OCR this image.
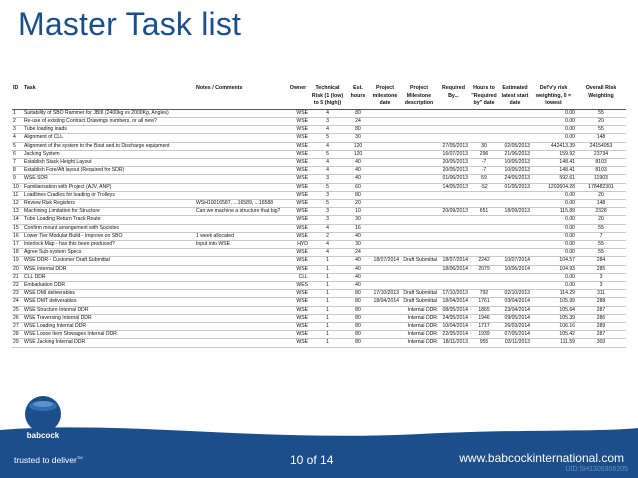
Master Task list
ID	Task	Notes / Comments	Owner	Technical Risk (1 (low) to 5 (high))	Est. hours	Project milestone date	Project Milestone description	Required By...	Hours to "Required by" date	Estimated latest start date	Del'v'y risk weighting, 0 = lowest	Overall Risk Weighting
1	Suitability of SBO Rammer for JBIII (2400kg vs 2000Kg, Angles)		WSE	4	80						0.00	55
2	Re-use of existing Contract Drawings numbers, or all new?		WSE	3	24						0.00	20
3	Tube loading loads		WSE	4	80						0.00	55
4	Alignment of CLL		WSE	5	30						0.00	148
5	Alignment of the system to the Boat and to Discharge equipment		WSE	4	120			27/05/2013	30	02/05/2013	442413.39	24154953
6	Jacking System		WSE	5	120			16/07/2013	296	21/06/2013	159.92	23734
7	Establish Stack Height Layout		WSE	4	40			20/05/2013	-7	10/05/2013	148.41	8103
8	Establish Fore/Aft layout (Required for SDR)		WSE	4	40			20/05/2013	-7	10/05/2013	148.41	8103
9	WSE SDR		WSE	3	40			01/06/2013	59	24/05/2013	592.61	11903
10	Familiarisation with Project (AJV, ANP)		WSE	5	60			14/05/2013	-52	01/05/2013	1202604.28	178482301
11	Loadlines Cradles for loading or Trolleys		WSE	3	80						0.00	20
12	Review Risk Registers	WSH10016587, ...16589, ...16588	WSE	5	20						0.00	148
13	Machining Limitation for Structure	Can we machine a structure that big?	WSE	3	10			20/09/2013	651	18/09/2013	115.89	2328
14	Tube Loading Return Track Route		WSE	3	30						0.00	20
15	Confirm mount arrangement with Sociotec		WSE	4	16						0.00	55
16	Lower Tier Modular Build - Improve on SBO	1 week allocated	WSE	2	40						0.00	7
17	Interlock Map - has this been produced?	Input into WSE	HYD	4	30						0.00	55
18	Agree Sub-system Specs		WSE	4	24						0.00	55
19	WSE DDR - Customer Draft Submittal		WSE	1	40	18/07/2014	Draft Submittal	18/07/2014	2242	10/07/2014	104.57	284
20	WSE Internal DDR		WSE	1	40			18/06/2014	2079	10/06/2014	104.93	285
21	CLL DDR		CLL	1	40						0.00	3
22	Embarkation DDR		WES	1	40						0.00	3
23	WSE DMI deliverables		WSE	1	80	17/10/2013	Draft Submittal	17/10/2013	792	02/10/2013	114.29	311
24	WSE DMT deliverables		WSE	1	80	18/04/2014	Draft Submittal	18/04/2014	1761	03/04/2014	105.99	288
25	WSE Structure Internal DDR		WSE	1	80		Internal DDR	08/05/2014	1865	23/04/2014	105.64	287
26	WSE Traversing Internal DDR		WSE	1	80		Internal DDR	24/05/2014	1946	09/05/2014	105.39	286
27	WSE Loading Internal DDR		WSE	1	80		Internal DDR	10/04/2014	1717	26/03/2014	106.16	289
28	WSE Loose Item Stowages Internal DDR		WSE	1	80		Internal DDR	22/05/2014	1939	07/05/2014	105.42	287
29	WSE Jacking Internal DDR		WSE	1	80		Internal DDR	18/11/2013	955	03/11/2013	111.59	303
babcock
trusted to deliver™	10 of 14	www.babcockinternational.com
UID:SH1300306205
